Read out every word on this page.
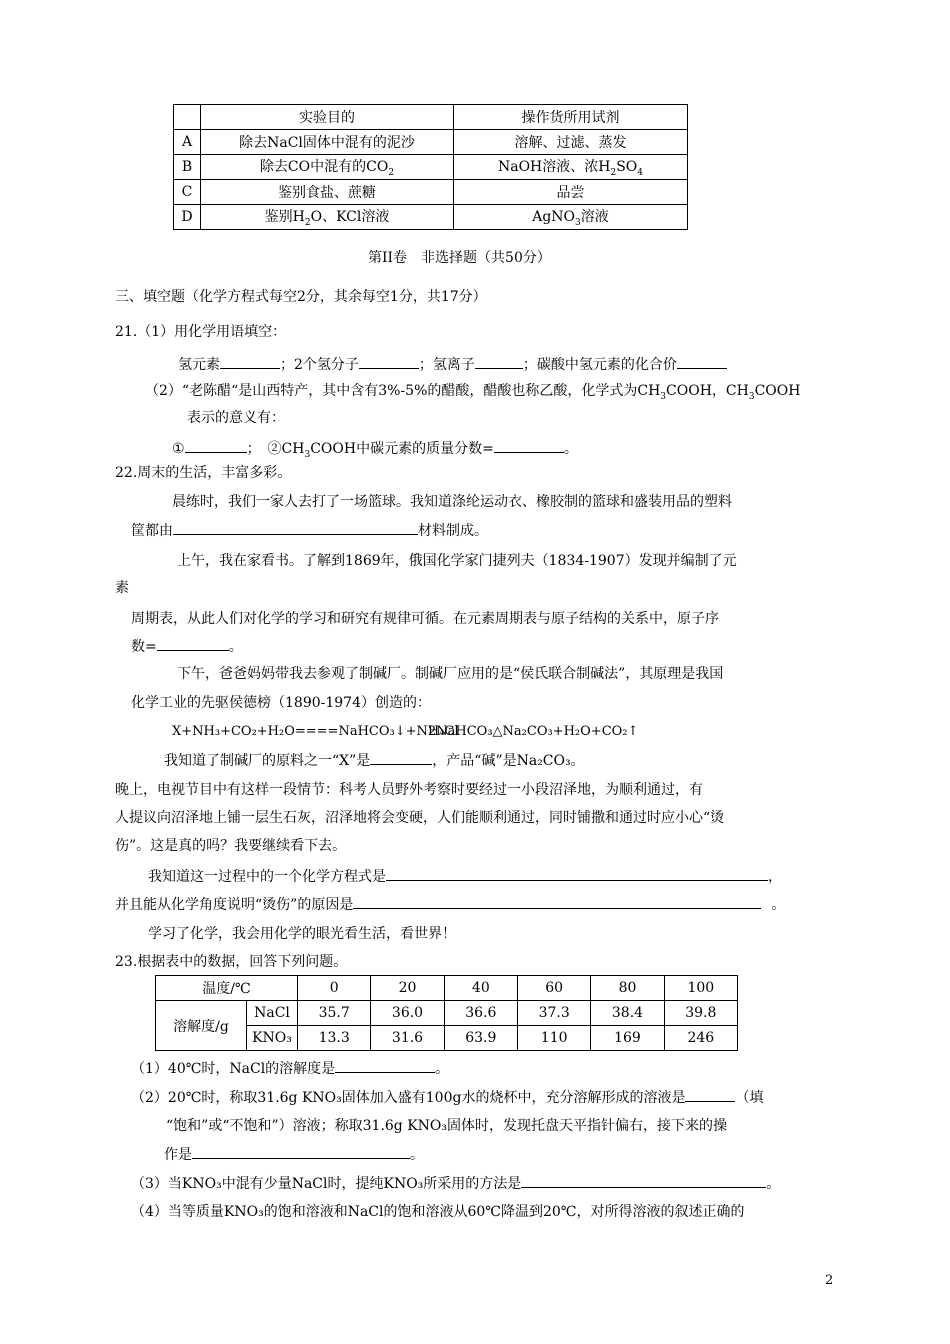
	实验目的	操作货所用试剂
A	除去NaCl固体中混有的泥沙	溶解、过滤、蒸发
B	除去CO中混有的$CO_2$	NaOH溶液、浓$H_2SO_4$
C	鉴别食盐、蔗糖	品尝
D	鉴别$H_2O$、KCl溶液	AgNO$_3$溶液
第II卷　非选择题（共50分）
三、填空题（化学方程式每空2分，其余每空1分，共17分）
21.（1）用化学用语填空：
氢元素	；2个氢分子	；氢离子	；碳酸中氢元素的化合价
（2）“老陈醋“是山西特产，其中含有3%-5%的醋酸，醋酸也称乙酸，化学式为$CH_3COOH$，$CH_3COOH$
表示的意义有：
①	；　$②CH_3COOH$中碳元素的质量分数=	。
22.周末的生活，丰富多彩。
晨练时，我们一家人去打了一场篮球。我知道涤纶运动衣、橡胶制的篮球和盛装用品的塑料
筐都由	材料制成。
上午，我在家看书。了解到1869年，俄国化学家门捷列夫（1834-1907）发现并编制了元
素
周期表，从此人们对化学的学习和研究有规律可循。在元素周期表与原子结构的关系中，原子序
数=	。
下午，爸爸妈妈带我去参观了制碱厂。制碱厂应用的是“侯氏联合制碱法”，其原理是我国
化学工业的先驱侯德榜（1890-1974）创造的：
X+NH₃+CO₂+H₂O====NaHCO₃↓+NH₄Cl
2NaHCO₃△Na₂CO₃+H₂O+CO₂↑
我知道了制碱厂的原料之一“X”是	，产品“碱”是Na₂CO₃。
晚上，电视节目中有这样一段情节：科考人员野外考察时要经过一小段沼泽地，为顺利通过，有
人提议向沼泽地上铺一层生石灰，沼泽地将会变硬，人们能顺利通过，同时铺撒和通过时应小心“烫
伤”。这是真的吗？我要继续看下去。
我知道这一过程中的一个化学方程式是	，
并且能从化学角度说明“烫伤”的原因是	。
学习了化学，我会用化学的眼光看生活，看世界！
23.根据表中的数据，回答下列问题。
温度/℃		0	20	40	60	80	100
溶解度/g	NaCl	35.7	36.0	36.6	37.3	38.4	39.8
	KNO₃	13.3	31.6	63.9	110	169	246
（1）40℃时，NaCl的溶解度是	。
（2）20℃时，称取31.6g KNO₃固体加入盛有100g水的烧杯中，充分溶解形成的溶液是	（填
“饱和”或“不饱和”）溶液；称取31.6g KNO₃固体时，发现托盘天平指针偏右，接下来的操
作是	。
（3）当KNO₃中混有少量NaCl时，提纯KNO₃所采用的方法是	。
（4）当等质量KNO₃的饱和溶液和NaCl的饱和溶液从60℃降温到20℃，对所得溶液的叙述正确的
2
